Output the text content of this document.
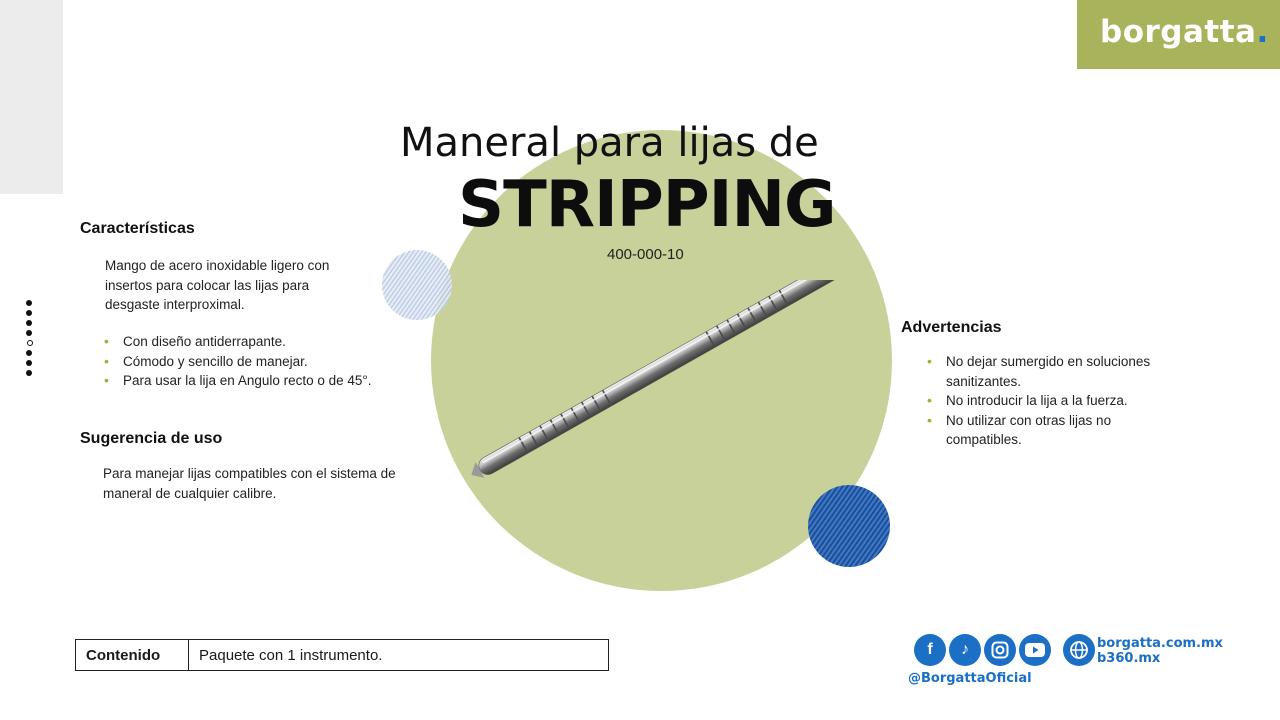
borgatta.
Maneral para lijas de
STRIPPING
400-000-10
Características
Mango de acero inoxidable ligero con insertos para colocar las lijas para desgaste interproximal.
• Con diseño antiderrapante.
• Cómodo y sencillo de manejar.
• Para usar la lija en Angulo recto o de 45°.
Sugerencia de uso
Para manejar lijas compatibles con el sistema de maneral de cualquier calibre.
Advertencias
• No dejar sumergido en soluciones sanitizantes.
• No introducir la lija a la fuerza.
• No utilizar con otras lijas no compatibles.
Contenido	Paquete con 1 instrumento.	f	♪
@BorgattaOficial
borgatta.com.mx
b360.mx
